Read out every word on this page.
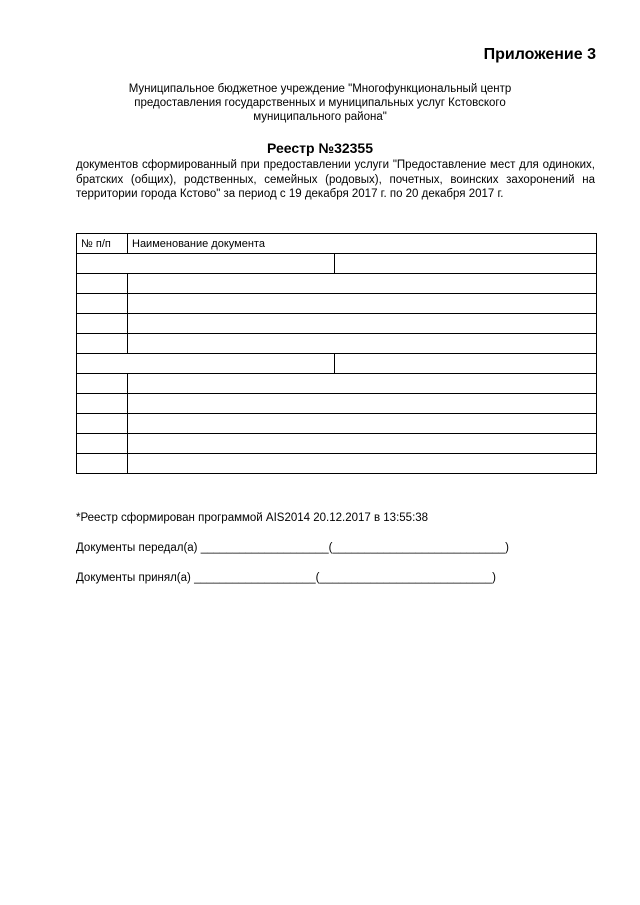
Приложение 3
Муниципальное бюджетное учреждение "Многофункциональный центр предоставления государственных и муниципальных услуг Кстовского муниципального района"
Реестр №32355
документов сформированный при предоставлении услуги "Предоставление мест для одиноких, братских (общих), родственных, семейных (родовых), почетных, воинских захоронений на территории города Кстово" за период с 19 декабря 2017 г. по 20 декабря 2017 г.
№ п/п	Наименование документа	

*Реестр сформирован программой AIS2014 20.12.2017 в 13:55:38
Документы передал(а) ____________________(___________________________)
Документы принял(а) ___________________(___________________________)
